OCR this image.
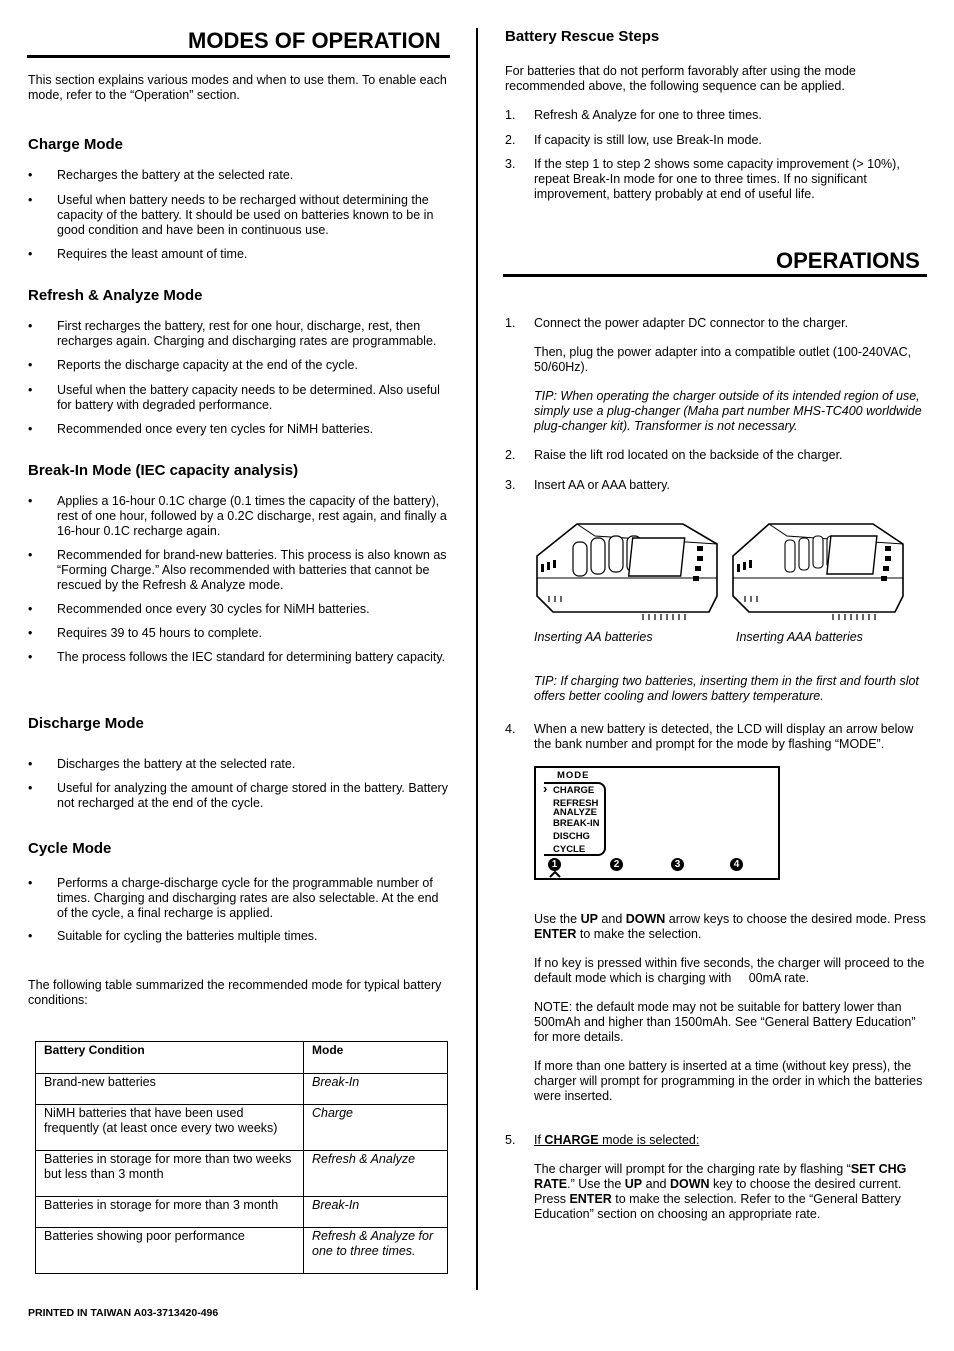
MODES OF OPERATION
This section explains various modes and when to use them. To enable each mode, refer to the “Operation” section.
Charge Mode
• Recharges the battery at the selected rate.
• Useful when battery needs to be recharged without determining the capacity of the battery. It should be used on batteries known to be in good condition and have been in continuous use.
• Requires the least amount of time.
Refresh & Analyze Mode
• First recharges the battery, rest for one hour, discharge, rest, then recharges again. Charging and discharging rates are programmable.
• Reports the discharge capacity at the end of the cycle.
• Useful when the battery capacity needs to be determined. Also useful for battery with degraded performance.
• Recommended once every ten cycles for NiMH batteries.
Break-In Mode (IEC capacity analysis)
• Applies a 16-hour 0.1C charge (0.1 times the capacity of the battery), rest of one hour, followed by a 0.2C discharge, rest again, and finally a 16-hour 0.1C recharge again.
• Recommended for brand-new batteries. This process is also known as “Forming Charge.” Also recommended with batteries that cannot be rescued by the Refresh & Analyze mode.
• Recommended once every 30 cycles for NiMH batteries.
• Requires 39 to 45 hours to complete.
• The process follows the IEC standard for determining battery capacity.
Discharge Mode
• Discharges the battery at the selected rate.
• Useful for analyzing the amount of charge stored in the battery. Battery not recharged at the end of the cycle.
Cycle Mode
• Performs a charge-discharge cycle for the programmable number of times. Charging and discharging rates are also selectable. At the end of the cycle, a final recharge is applied.
• Suitable for cycling the batteries multiple times.
The following table summarized the recommended mode for typical battery conditions:
Battery Condition	Mode
Brand-new batteries	Break-In
NiMH batteries that have been used frequently (at least once every two weeks)	Charge
Batteries in storage for more than two weeks but less than 3 month	Refresh & Analyze
Batteries in storage for more than 3 month	Break-In
Batteries showing poor performance	Refresh & Analyze for one to three times.
PRINTED IN TAIWAN A03-3713420-496
Battery Rescue Steps
For batteries that do not perform favorably after using the mode recommended above, the following sequence can be applied.
1. Refresh & Analyze for one to three times.
2. If capacity is still low, use Break-In mode.
3. If the step 1 to step 2 shows some capacity improvement (> 10%), repeat Break-In mode for one to three times. If no significant improvement, battery probably at end of useful life.
OPERATIONS
1. Connect the power adapter DC connector to the charger.
Then, plug the power adapter into a compatible outlet (100-240VAC, 50/60Hz).
TIP: When operating the charger outside of its intended region of use, simply use a plug-changer (Maha part number MHS-TC400 worldwide plug-changer kit). Transformer is not necessary.
2. Raise the lift rod located on the backside of the charger.
3. Insert AA or AAA battery.
Inserting AA batteries	Inserting AAA batteries
TIP: If charging two batteries, inserting them in the first and fourth slot offers better cooling and lowers battery temperature.
4. When a new battery is detected, the LCD will display an arrow below the bank number and prompt for the mode by flashing “MODE”.
MODE
› CHARGE
REFRESH
ANALYZE
BREAK-IN
DISCHG
CYCLE
1	2	3	4
Use the UP and DOWN arrow keys to choose the desired mode. Press ENTER to make the selection.
If no key is pressed within five seconds, the charger will proceed to the default mode which is charging with     00mA rate.
NOTE: the default mode may not be suitable for battery lower than 500mAh and higher than 1500mAh. See “General Battery Education” for more details.
If more than one battery is inserted at a time (without key press), the charger will prompt for programming in the order in which the batteries were inserted.
5. If CHARGE mode is selected:
The charger will prompt for the charging rate by flashing “SET CHG RATE.” Use the UP and DOWN key to choose the desired current. Press ENTER to make the selection. Refer to the “General Battery Education” section on choosing an appropriate rate.
